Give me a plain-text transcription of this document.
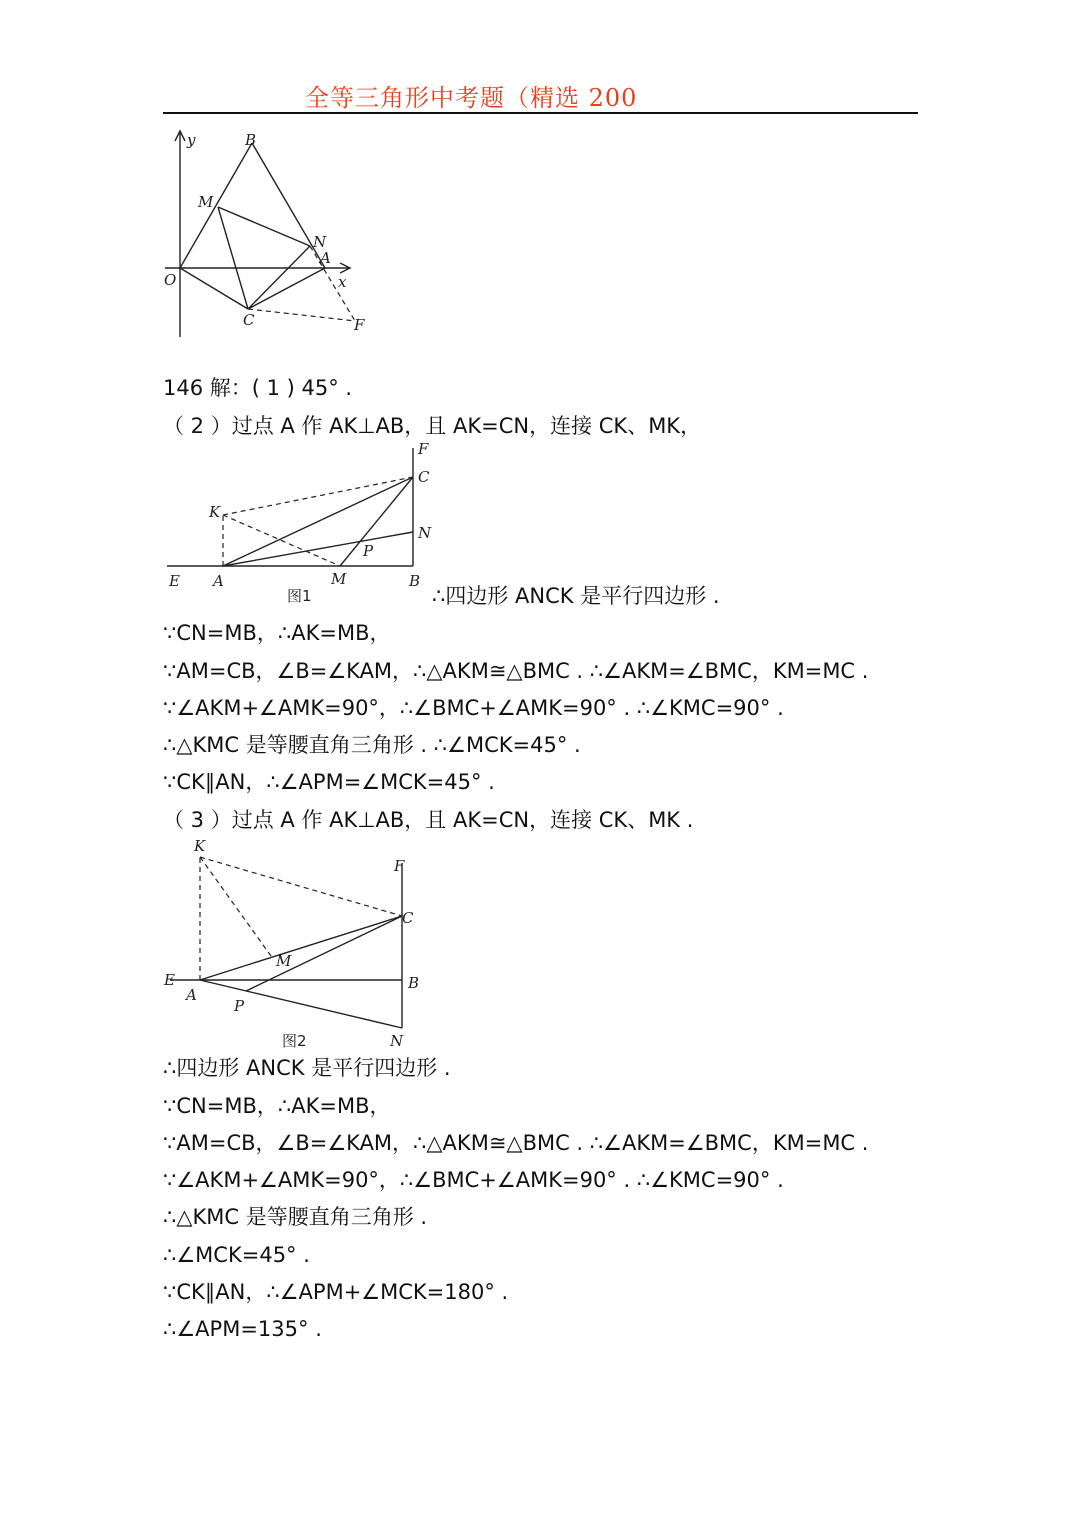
全等三角形中考题（精选 200
y	B
M
N
A
O	x
C	F
146 解：( 1 ) 45° .
（ 2 ）过点 A 作 AK⊥AB，且 AK=CN，连接 CK、MK，
F
C
K
N
P
E A	M	B
图1	∴四边形 ANCK 是平行四边形 .
∵CN=MB，∴AK=MB，
∵AM=CB，∠B=∠KAM，∴△AKM≅△BMC . ∴∠AKM=∠BMC，KM=MC .
∵∠AKM+∠AMK=90°，∴∠BMC+∠AMK=90° . ∴∠KMC=90° .
∴△KMC 是等腰直角三角形 . ∴∠MCK=45° .
∵CK∥AN，∴∠APM=∠MCK=45° .
（ 3 ）过点 A 作 AK⊥AB，且 AK=CN，连接 CK、MK .
K
F
C
M
E
A
B
P
N
图2
∴四边形 ANCK 是平行四边形 .
∵CN=MB，∴AK=MB，
∵AM=CB，∠B=∠KAM，∴△AKM≅△BMC . ∴∠AKM=∠BMC，KM=MC .
∵∠AKM+∠AMK=90°，∴∠BMC+∠AMK=90° . ∴∠KMC=90° .
∴△KMC 是等腰直角三角形 .
∴∠MCK=45° .
∵CK∥AN，∴∠APM+∠MCK=180° .
∴∠APM=135° .
